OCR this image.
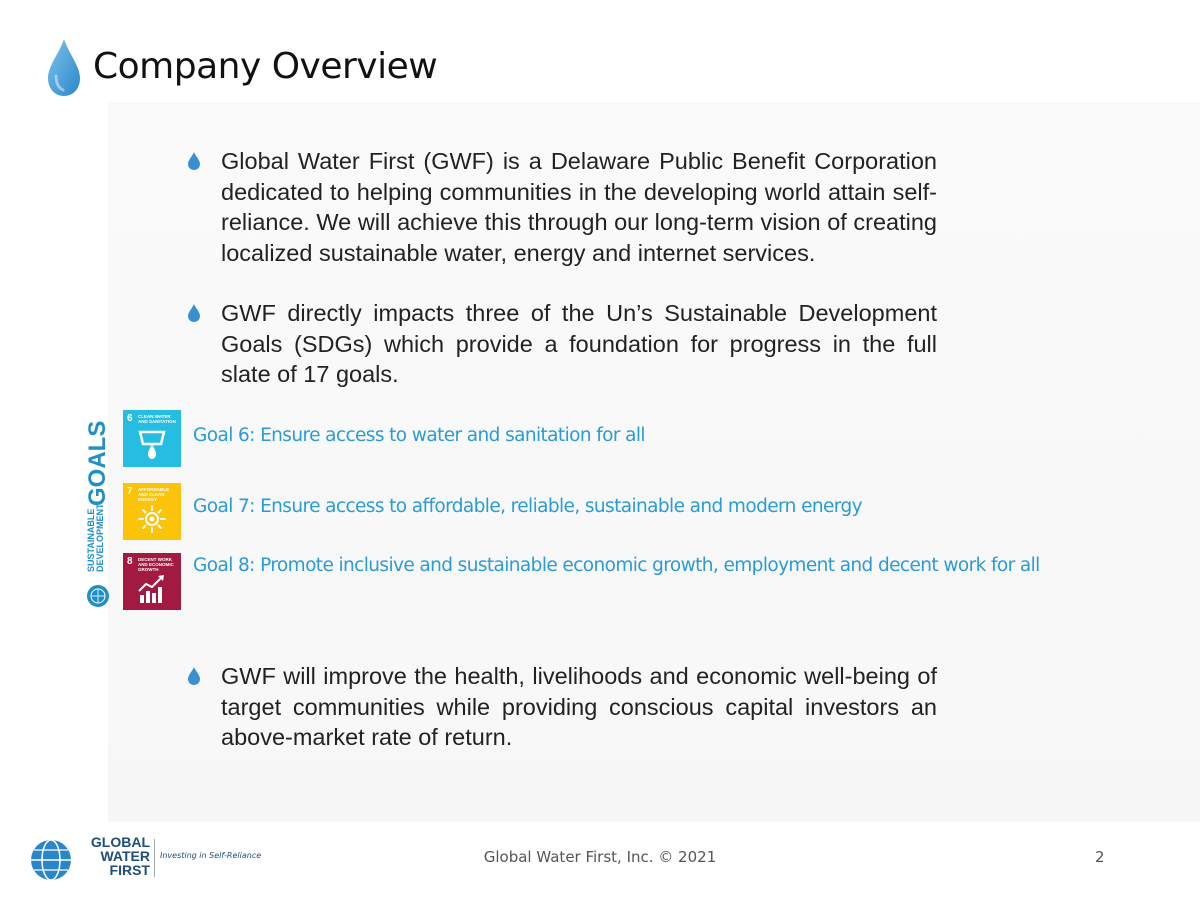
Company Overview
Global Water First (GWF) is a Delaware Public Benefit Corporation dedicated to helping communities in the developing world attain self-reliance. We will achieve this through our long-term vision of creating localized sustainable water, energy and internet services.
GWF directly impacts three of the Un’s Sustainable Development Goals (SDGs) which provide a foundation for progress in the full slate of 17 goals.
SUSTAINABLE DEVELOPMENT
GOALS
6 CLEAN WATER AND SANITATION
Goal 6: Ensure access to water and sanitation for all
7 AFFORDABLE AND CLEAN ENERGY	Goal 7: Ensure access to affordable, reliable, sustainable and modern energy
8 DECENT WORK AND ECONOMIC GROWTH	Goal 8: Promote inclusive and sustainable economic growth, employment and decent work for all
GWF will improve the health, livelihoods and economic well-being of target communities while providing conscious capital investors an above-market rate of return.
GLOBAL
WATER
FIRST
Investing in Self-Reliance	Global Water First, Inc. © 2021	2
